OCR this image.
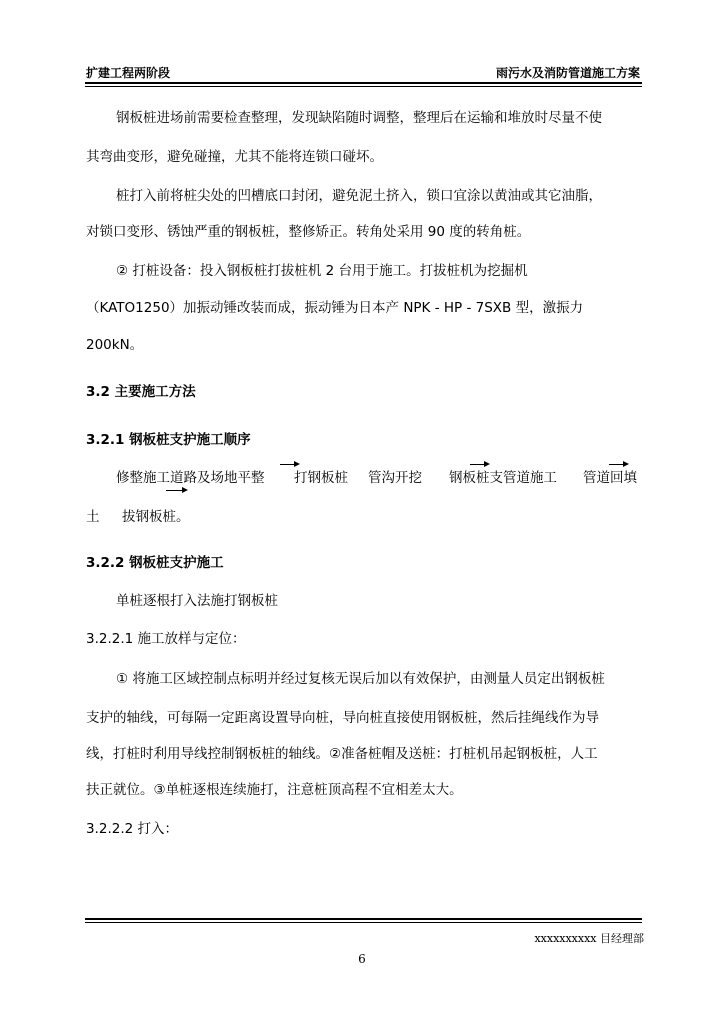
扩建工程两阶段	雨污水及消防管道施工方案
钢板桩进场前需要检查整理，发现缺陷随时调整，整理后在运输和堆放时尽量不使
其弯曲变形，避免碰撞，尤其不能将连锁口碰坏。
桩打入前将桩尖处的凹槽底口封闭，避免泥土挤入，锁口宜涂以黄油或其它油脂，
对锁口变形、锈蚀严重的钢板桩，整修矫正。转角处采用 90 度的转角桩。
② 打桩设备：投入钢板桩打拔桩机 2 台用于施工。打拔桩机为挖掘机
（KATO1250）加振动锤改装而成，振动锤为日本产 NPK - HP - 7SXB 型，激振力
200kN。
3.2 主要施工方法
3.2.1 钢板桩支护施工顺序
修整施工道路及场地平整 打钢板桩 管沟开挖 钢板桩支管道施工 管道回填
土 拔钢板桩。
3.2.2 钢板桩支护施工
单桩逐根打入法施打钢板桩
3.2.2.1 施工放样与定位：
① 将施工区域控制点标明并经过复核无误后加以有效保护，由测量人员定出钢板桩
支护的轴线，可每隔一定距离设置导向桩，导向桩直接使用钢板桩，然后挂绳线作为导
线，打桩时利用导线控制钢板桩的轴线。②准备桩帽及送桩：打桩机吊起钢板桩，人工
扶正就位。③单桩逐根连续施打，注意桩顶高程不宜相差太大。
3.2.2.2 打入：
xxxxxxxxxx 目经理部
6
